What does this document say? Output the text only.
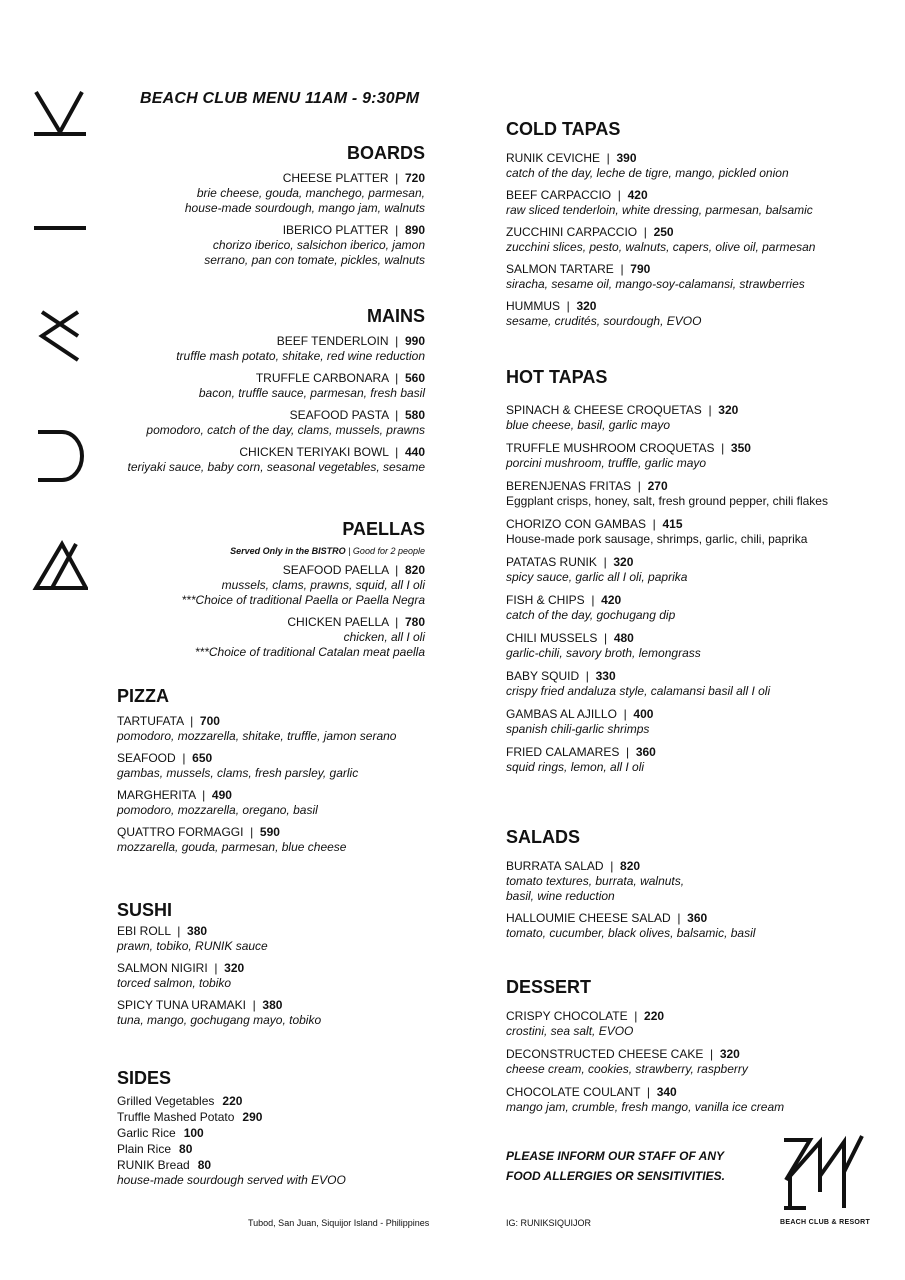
BEACH CLUB MENU 11AM - 9:30PM
BOARDS
CHEESE PLATTER  |  720
brie cheese, gouda, manchego, parmesan,
house-made sourdough, mango jam, walnuts
IBERICO PLATTER  |  890
chorizo iberico, salsichon iberico, jamon
serrano, pan con tomate, pickles, walnuts
MAINS
BEEF TENDERLOIN  |  990
truffle mash potato, shitake, red wine reduction
TRUFFLE CARBONARA  |  560
bacon, truffle sauce, parmesan, fresh basil
SEAFOOD PASTA  |  580
pomodoro, catch of the day, clams, mussels, prawns
CHICKEN TERIYAKI BOWL  |  440
teriyaki sauce, baby corn, seasonal vegetables, sesame
PAELLAS
Served Only in the BISTRO | Good for 2 people
SEAFOOD PAELLA  |  820
mussels, clams, prawns, squid, all I oli
***Choice of traditional Paella or Paella Negra
CHICKEN PAELLA  |  780
chicken, all I oli
***Choice of traditional Catalan meat paella
PIZZA
TARTUFATA  |  700
pomodoro, mozzarella, shitake, truffle, jamon serano
SEAFOOD  |  650
gambas, mussels, clams, fresh parsley, garlic
MARGHERITA  |  490
pomodoro, mozzarella, oregano, basil
QUATTRO FORMAGGI  |  590
mozzarella, gouda, parmesan, blue cheese
SUSHI
EBI ROLL  |  380
prawn, tobiko, RUNIK sauce
SALMON NIGIRI  |  320
torced salmon, tobiko
SPICY TUNA URAMAKI  |  380
tuna, mango, gochugang mayo, tobiko
SIDES
Grilled Vegetables 220
Truffle Mashed Potato 290
Garlic Rice 100
Plain Rice 80
RUNIK Bread 80
house-made sourdough served with EVOO
COLD TAPAS
RUNIK CEVICHE  |  390
catch of the day, leche de tigre, mango, pickled onion
BEEF CARPACCIO  |  420
raw sliced tenderloin, white dressing, parmesan, balsamic
ZUCCHINI CARPACCIO  |  250
zucchini slices, pesto, walnuts, capers, olive oil, parmesan
SALMON TARTARE  |  790
siracha, sesame oil, mango-soy-calamansi, strawberries
HUMMUS  |  320
sesame, crudités, sourdough, EVOO
HOT TAPAS
SPINACH & CHEESE CROQUETAS  |  320
blue cheese, basil, garlic mayo
TRUFFLE MUSHROOM CROQUETAS  |  350
porcini mushroom, truffle, garlic mayo
BERENJENAS FRITAS  |  270
Eggplant crisps, honey, salt, fresh ground pepper, chili flakes
CHORIZO CON GAMBAS  |  415
House-made pork sausage, shrimps, garlic, chili, paprika
PATATAS RUNIK  |  320
spicy sauce, garlic all I oli, paprika
FISH & CHIPS  |  420
catch of the day, gochugang dip
CHILI MUSSELS  |  480
garlic-chili, savory broth, lemongrass
BABY SQUID  |  330
crispy fried andaluza style, calamansi basil all I oli
GAMBAS AL AJILLO  |  400
spanish chili-garlic shrimps
FRIED CALAMARES  |  360
squid rings, lemon, all I oli
SALADS
BURRATA SALAD  |  820
tomato textures, burrata, walnuts,
basil, wine reduction
HALLOUMIE CHEESE SALAD  |  360
tomato, cucumber, black olives, balsamic, basil
DESSERT
CRISPY CHOCOLATE  |  220
crostini, sea salt, EVOO
DECONSTRUCTED CHEESE CAKE  |  320
cheese cream, cookies, strawberry, raspberry
CHOCOLATE COULANT  |  340
mango jam, crumble, fresh mango, vanilla ice cream
PLEASE INFORM OUR STAFF OF ANY
FOOD ALLERGIES OR SENSITIVITIES.
BEACH CLUB & RESORT
Tubod, San Juan, Siquijor Island - Philippines	IG: RUNIKSIQUIJOR
